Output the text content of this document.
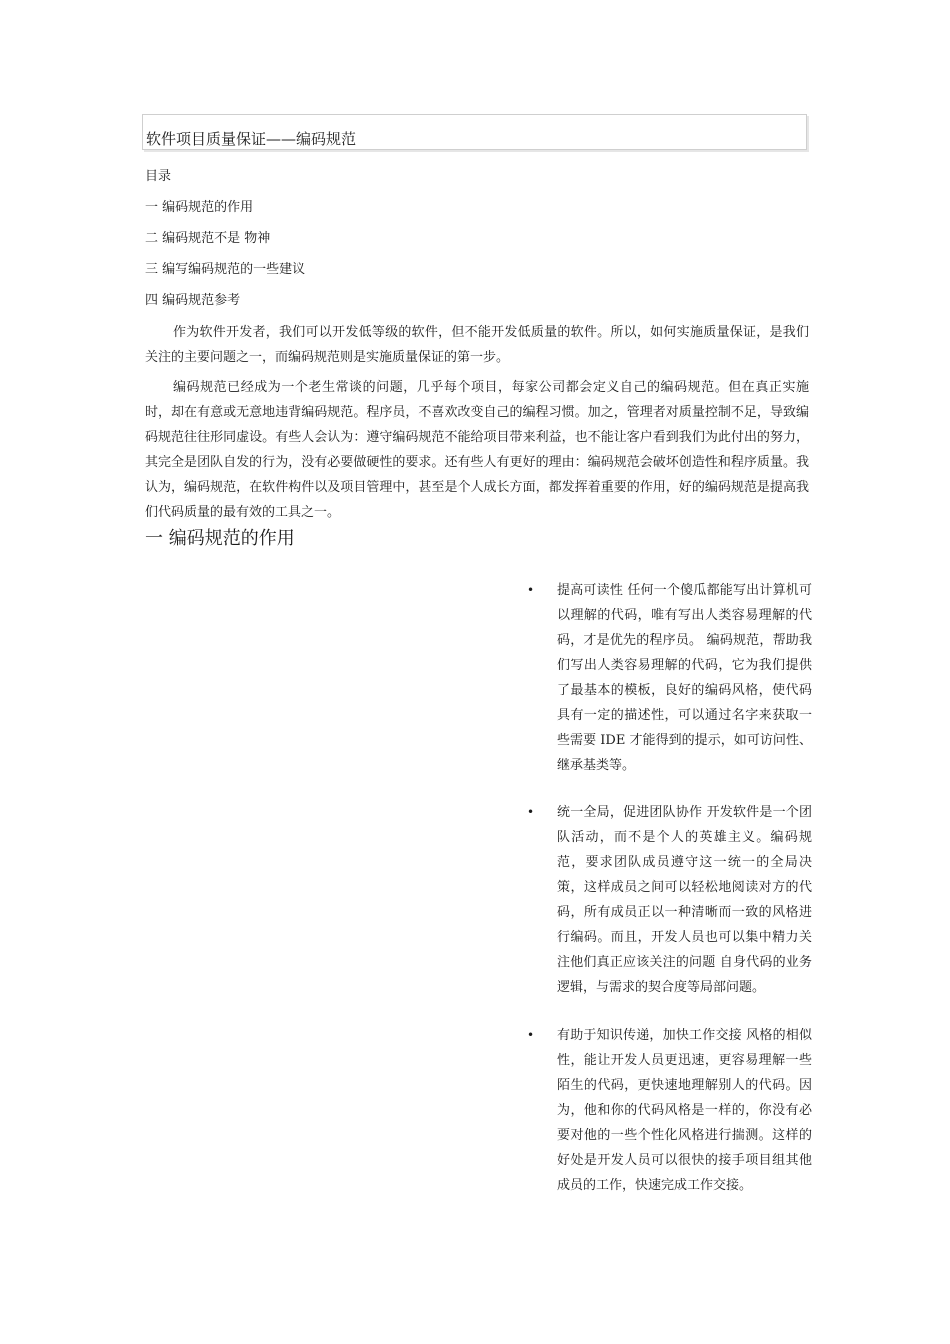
软件项目质量保证——编码规范
目录
一 编码规范的作用
二 编码规范不是 物神
三 编写编码规范的一些建议
四 编码规范参考

作为软件开发者，我们可以开发低等级的软件，但不能开发低质量的软件。所以，如何实施质量保证，是我们关注的主要问题之一，而编码规范则是实施质量保证的第一步。

编码规范已经成为一个老生常谈的问题，几乎每个项目，每家公司都会定义自己的编码规范。但在真正实施时，却在有意或无意地违背编码规范。程序员，不喜欢改变自己的编程习惯。加之，管理者对质量控制不足，导致编码规范往往形同虚设。有些人会认为：遵守编码规范不能给项目带来利益，也不能让客户看到我们为此付出的努力，其完全是团队自发的行为，没有必要做硬性的要求。还有些人有更好的理由：编码规范会破坏创造性和程序质量。我认为，编码规范，在软件构件以及项目管理中，甚至是个人成长方面，都发挥着重要的作用，好的编码规范是提高我们代码质量的最有效的工具之一。

一 编码规范的作用
• 提高可读性 任何一个傻瓜都能写出计算机可以理解的代码，唯有写出人类容易理解的代码，才是优先的程序员。 编码规范，帮助我们写出人类容易理解的代码，它为我们提供了最基本的模板，良好的编码风格，使代码具有一定的描述性，可以通过名字来获取一些需要 IDE 才能得到的提示，如可访问性、继承基类等。
• 统一全局，促进团队协作 开发软件是一个团队活动，而不是个人的英雄主义。编码规范，要求团队成员遵守这一统一的全局决策，这样成员之间可以轻松地阅读对方的代码，所有成员正以一种清晰而一致的风格进行编码。而且，开发人员也可以集中精力关注他们真正应该关注的问题 自身代码的业务逻辑，与需求的契合度等局部问题。
• 有助于知识传递，加快工作交接 风格的相似性，能让开发人员更迅速，更容易理解一些陌生的代码，更快速地理解别人的代码。因为，他和你的代码风格是一样的，你没有必要对他的一些个性化风格进行揣测。这样的好处是开发人员可以很快的接手项目组其他成员的工作，快速完成工作交接。
